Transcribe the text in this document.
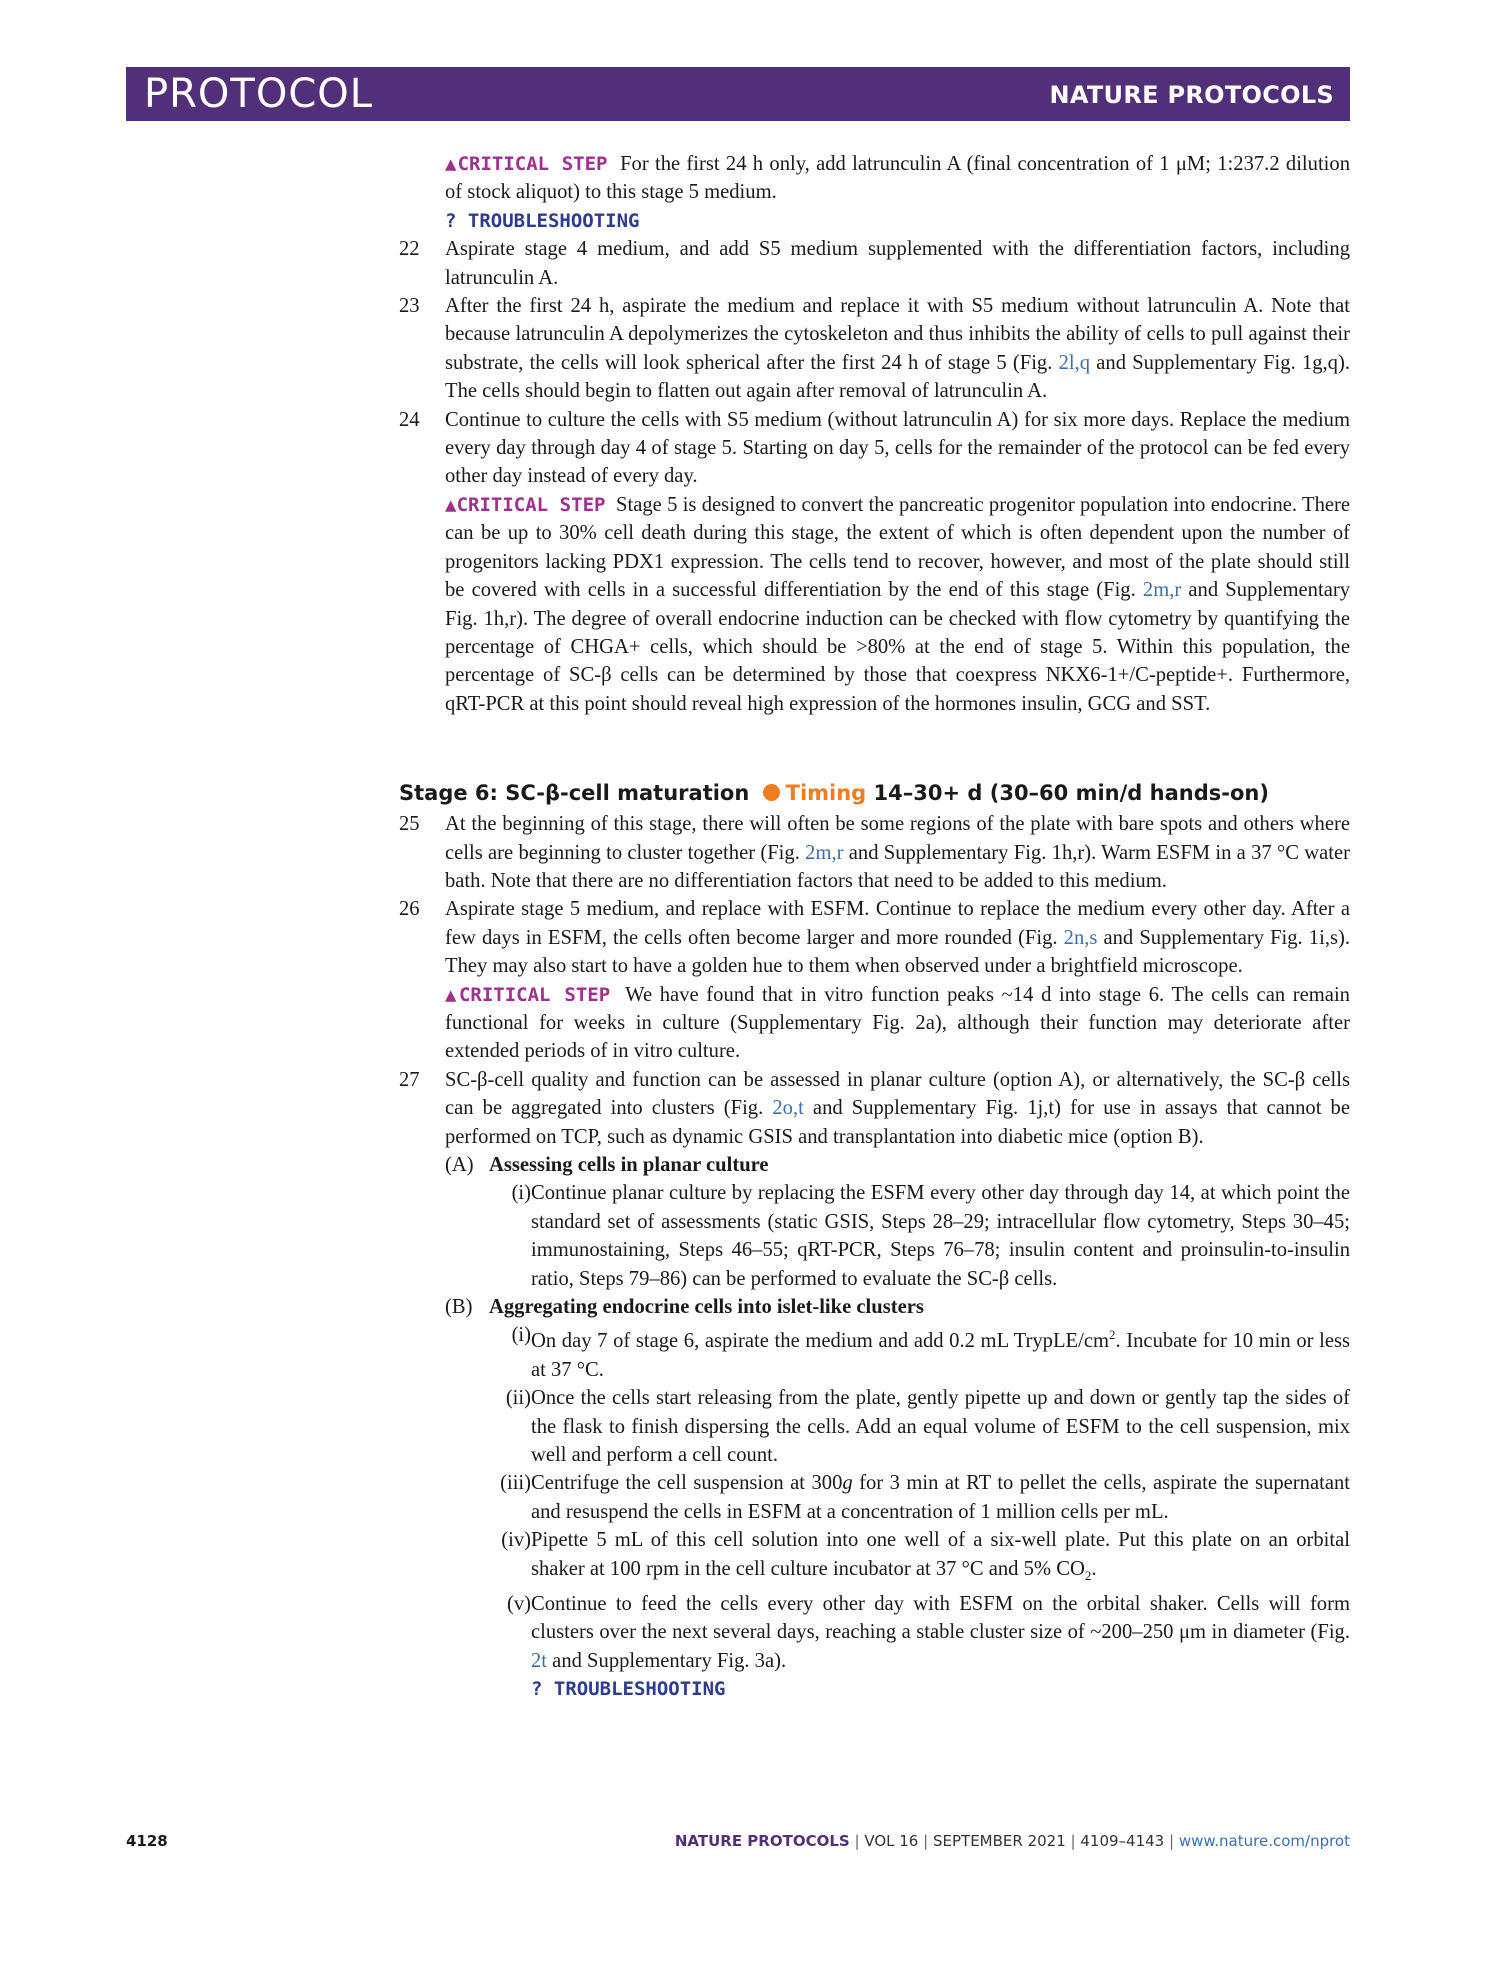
PROTOCOL	NATURE PROTOCOLS

▲CRITICAL STEP For the first 24 h only, add latrunculin A (final concentration of 1 μM; 1:237.2 dilution of stock aliquot) to this stage 5 medium.

? TROUBLESHOOTING

22 Aspirate stage 4 medium, and add S5 medium supplemented with the differentiation factors, including latrunculin A.

23 After the first 24 h, aspirate the medium and replace it with S5 medium without latrunculin A. Note that because latrunculin A depolymerizes the cytoskeleton and thus inhibits the ability of cells to pull against their substrate, the cells will look spherical after the first 24 h of stage 5 (Fig. 2l,q and Supplementary Fig. 1g,q). The cells should begin to flatten out again after removal of latrunculin A.

24 Continue to culture the cells with S5 medium (without latrunculin A) for six more days. Replace the medium every day through day 4 of stage 5. Starting on day 5, cells for the remainder of the protocol can be fed every other day instead of every day.

▲CRITICAL STEP Stage 5 is designed to convert the pancreatic progenitor population into endocrine. There can be up to 30% cell death during this stage, the extent of which is often dependent upon the number of progenitors lacking PDX1 expression. The cells tend to recover, however, and most of the plate should still be covered with cells in a successful differentiation by the end of this stage (Fig. 2m,r and Supplementary Fig. 1h,r). The degree of overall endocrine induction can be checked with flow cytometry by quantifying the percentage of CHGA+ cells, which should be >80% at the end of stage 5. Within this population, the percentage of SC-β cells can be determined by those that coexpress NKX6-1+/C-peptide+. Furthermore, qRT-PCR at this point should reveal high expression of the hormones insulin, GCG and SST.

Stage 6: SC-β-cell maturation Timing 14–30+ d (30–60 min/d hands-on)

25 At the beginning of this stage, there will often be some regions of the plate with bare spots and others where cells are beginning to cluster together (Fig. 2m,r and Supplementary Fig. 1h,r). Warm ESFM in a 37 °C water bath. Note that there are no differentiation factors that need to be added to this medium.

26 Aspirate stage 5 medium, and replace with ESFM. Continue to replace the medium every other day. After a few days in ESFM, the cells often become larger and more rounded (Fig. 2n,s and Supplementary Fig. 1i,s). They may also start to have a golden hue to them when observed under a brightfield microscope.

▲CRITICAL STEP We have found that in vitro function peaks ~14 d into stage 6. The cells can remain functional for weeks in culture (Supplementary Fig. 2a), although their function may deteriorate after extended periods of in vitro culture.

27 SC-β-cell quality and function can be assessed in planar culture (option A), or alternatively, the SC-β cells can be aggregated into clusters (Fig. 2o,t and Supplementary Fig. 1j,t) for use in assays that cannot be performed on TCP, such as dynamic GSIS and transplantation into diabetic mice (option B).

(A) Assessing cells in planar culture

(i) Continue planar culture by replacing the ESFM every other day through day 14, at which point the standard set of assessments (static GSIS, Steps 28–29; intracellular flow cytometry, Steps 30–45; immunostaining, Steps 46–55; qRT-PCR, Steps 76–78; insulin content and proinsulin-to-insulin ratio, Steps 79–86) can be performed to evaluate the SC-β cells.

(B) Aggregating endocrine cells into islet-like clusters

(i) On day 7 of stage 6, aspirate the medium and add 0.2 mL TrypLE/$cm^2$. Incubate for 10 min or less at 37 °C.

(ii) Once the cells start releasing from the plate, gently pipette up and down or gently tap the sides of the flask to finish dispersing the cells. Add an equal volume of ESFM to the cell suspension, mix well and perform a cell count.

(iii) Centrifuge the cell suspension at 300g for 3 min at RT to pellet the cells, aspirate the supernatant and resuspend the cells in ESFM at a concentration of 1 million cells per mL.

(iv) Pipette 5 mL of this cell solution into one well of a six-well plate. Put this plate on an orbital shaker at 100 rpm in the cell culture incubator at 37 °C and 5% $CO_2$.

(v) Continue to feed the cells every other day with ESFM on the orbital shaker. Cells will form clusters over the next several days, reaching a stable cluster size of ~200–250 μm in diameter (Fig. 2t and Supplementary Fig. 3a).

? TROUBLESHOOTING

4128	NATURE PROTOCOLS | VOL 16 | SEPTEMBER 2021 | 4109–4143 | www.nature.com/nprot
